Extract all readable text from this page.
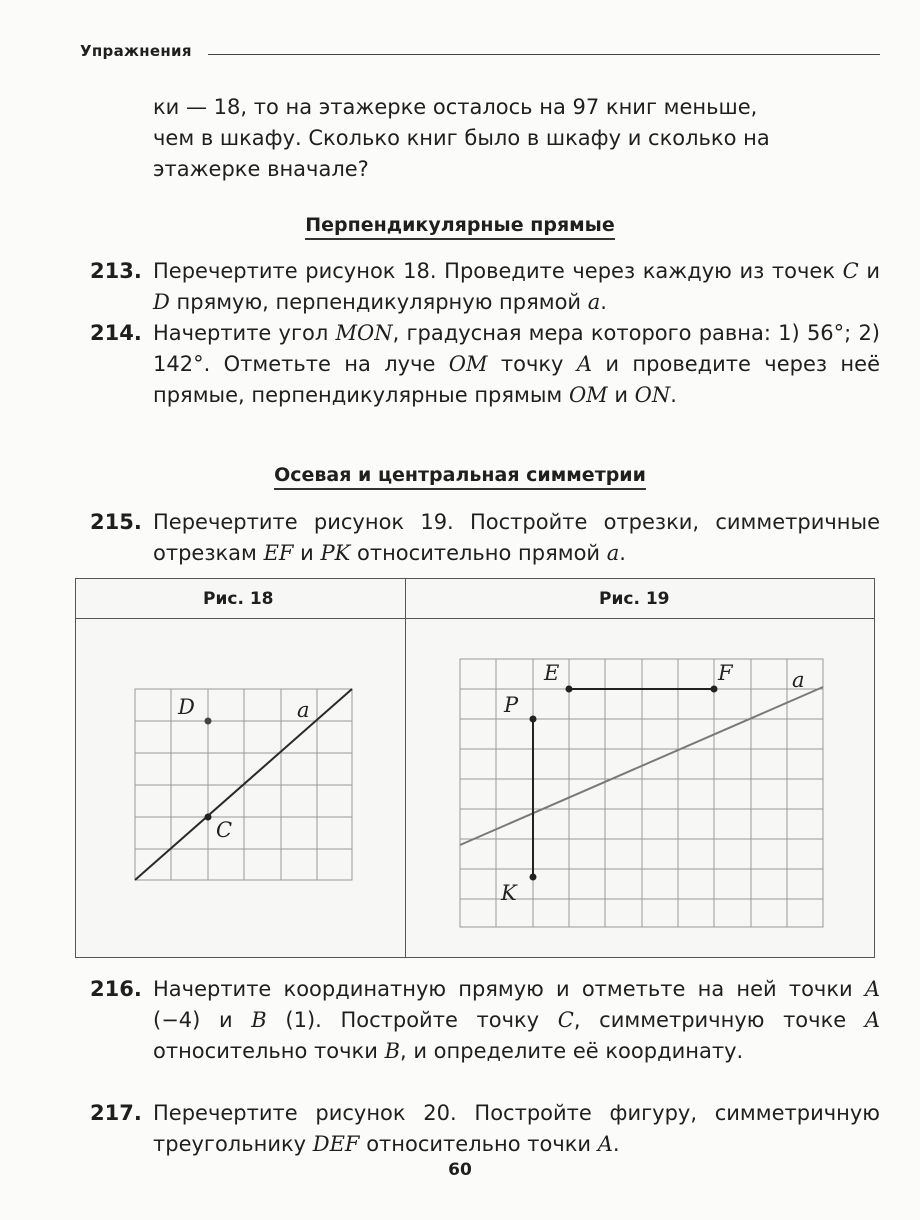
Упражнения
ки — 18, то на этажерке осталось на 97 книг меньше,
чем в шкафу. Сколько книг было в шкафу и сколько на
этажерке вначале?
Перпендикулярные прямые
213. Перечертите рисунок 18. Проведите через каждую из точек C и D прямую, перпендикулярную прямой a.
214. Начертите угол MON, градусная мера которого равна: 1) 56°; 2) 142°. Отметьте на луче OM точку A и проведите через неё прямые, перпендикулярные прямым OM и ON.
Осевая и центральная симметрии
215. Перечертите рисунок 19. Постройте отрезки, симметричные отрезкам EF и PK относительно прямой a.
Рис. 18	Рис. 19
D	a
C
E	F	a
P
K
216. Начертите координатную прямую и отметьте на ней точки A (−4) и B (1). Постройте точку C, симметричную точке A относительно точки B, и определите её координату.
217. Перечертите рисунок 20. Постройте фигуру, симметричную треугольнику DEF относительно точки A.
60
